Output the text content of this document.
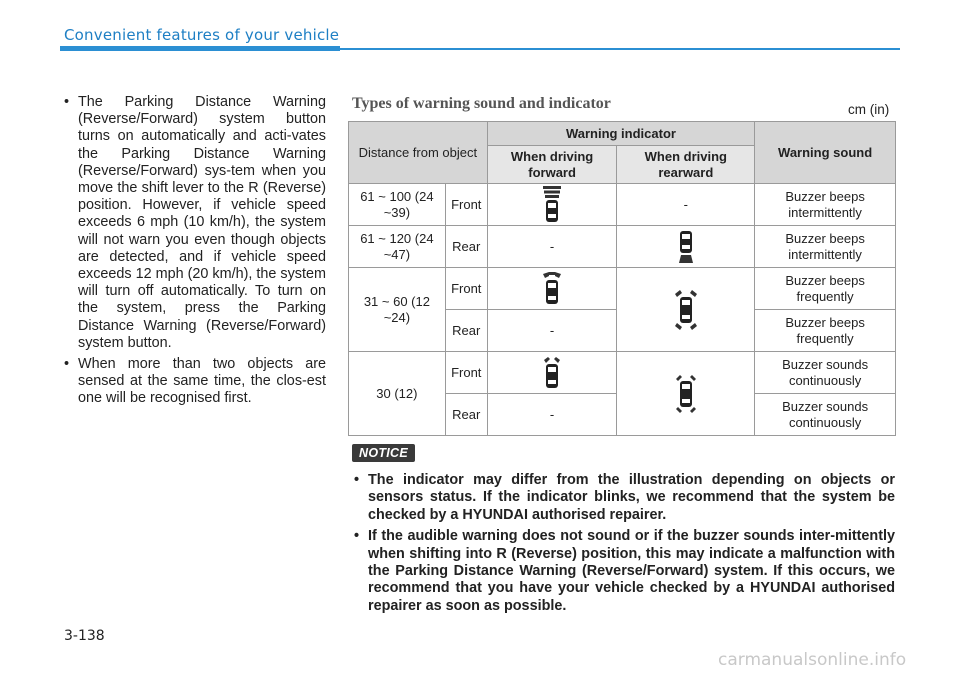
Convenient features of your vehicle
• The Parking Distance Warning (Reverse/Forward) system button turns on automatically and acti-vates the Parking Distance Warning (Reverse/Forward) sys-tem when you move the shift lever to the R (Reverse) position. However, if vehicle speed exceeds 6 mph (10 km/h), the system will not warn you even though objects are detected, and if vehicle speed exceeds 12 mph (20 km/h), the system will turn off automatically. To turn on the system, press the Parking Distance Warning (Reverse/Forward) system button.
• When more than two objects are sensed at the same time, the clos-est one will be recognised first.
Types of warning sound and indicator	cm (in)
Distance from object		Warning indicator		Warning sound
		When driving forward	When driving rearward	
61 ~ 100 (24 ~39)	Front		-	Buzzer beeps intermittently
61 ~ 120 (24 ~47)	Rear	-		Buzzer beeps intermittently
31 ~ 60 (12 ~24)	Front			Buzzer beeps frequently
	Rear	-		Buzzer beeps frequently
30 (12)	Front			Buzzer sounds continuously
	Rear	-		Buzzer sounds continuously
NOTICE
• The indicator may differ from the illustration depending on objects or sensors status. If the indicator blinks, we recommend that the system be checked by a HYUNDAI authorised repairer.
• If the audible warning does not sound or if the buzzer sounds inter-mittently when shifting into R (Reverse) position, this may indicate a malfunction with the Parking Distance Warning (Reverse/Forward) system. If this occurs, we recommend that you have your vehicle checked by a HYUNDAI authorised repairer as soon as possible.
3-138
carmanualsonline.info
